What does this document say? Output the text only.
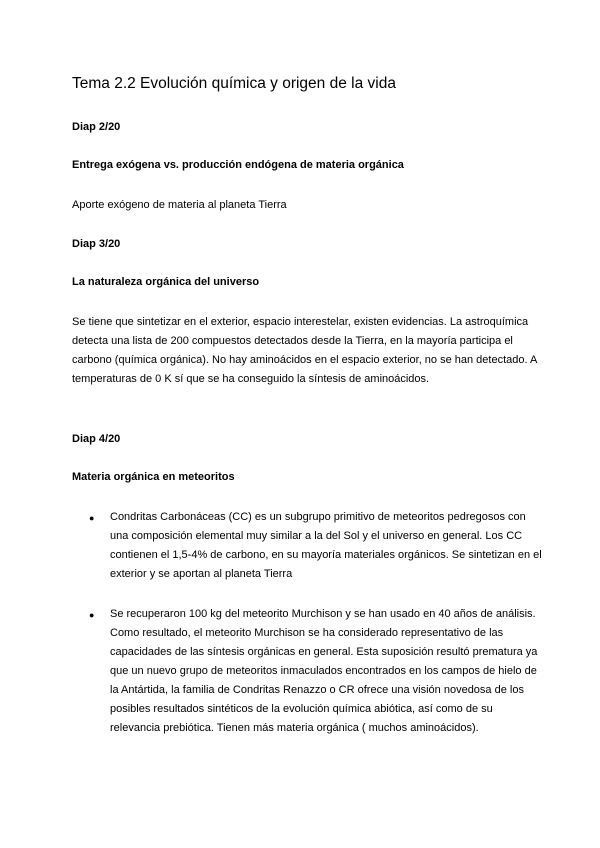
Tema 2.2 Evolución química y origen de la vida
Diap 2/20
Entrega exógena vs. producción endógena de materia orgánica
Aporte exógeno de materia al planeta Tierra
Diap 3/20
La naturaleza orgánica del universo
Se tiene que sintetizar en el exterior, espacio interestelar, existen evidencias. La astroquímica detecta una lista de 200 compuestos detectados desde la Tierra, en la mayoría participa el carbono (química orgánica). No hay aminoácidos en el espacio exterior, no se han detectado. A temperaturas de 0 K sí que se ha conseguido la síntesis de aminoácidos.
Diap 4/20
Materia orgánica en meteoritos
● Condritas Carbonáceas (CC) es un subgrupo primitivo de meteoritos pedregosos con una composición elemental muy similar a la del Sol y el universo en general. Los CC contienen el 1,5-4% de carbono, en su mayoría materiales orgánicos. Se sintetizan en el exterior y se aportan al planeta Tierra
● Se recuperaron 100 kg del meteorito Murchison y se han usado en 40 años de análisis. Como resultado, el meteorito Murchison se ha considerado representativo de las capacidades de las síntesis orgánicas en general. Esta suposición resultó prematura ya que un nuevo grupo de meteoritos inmaculados encontrados en los campos de hielo de la Antártida, la familia de Condritas Renazzo o CR ofrece una visión novedosa de los posibles resultados sintéticos de la evolución química abiótica, así como de su relevancia prebiótica. Tienen más materia orgánica ( muchos aminoácidos).
